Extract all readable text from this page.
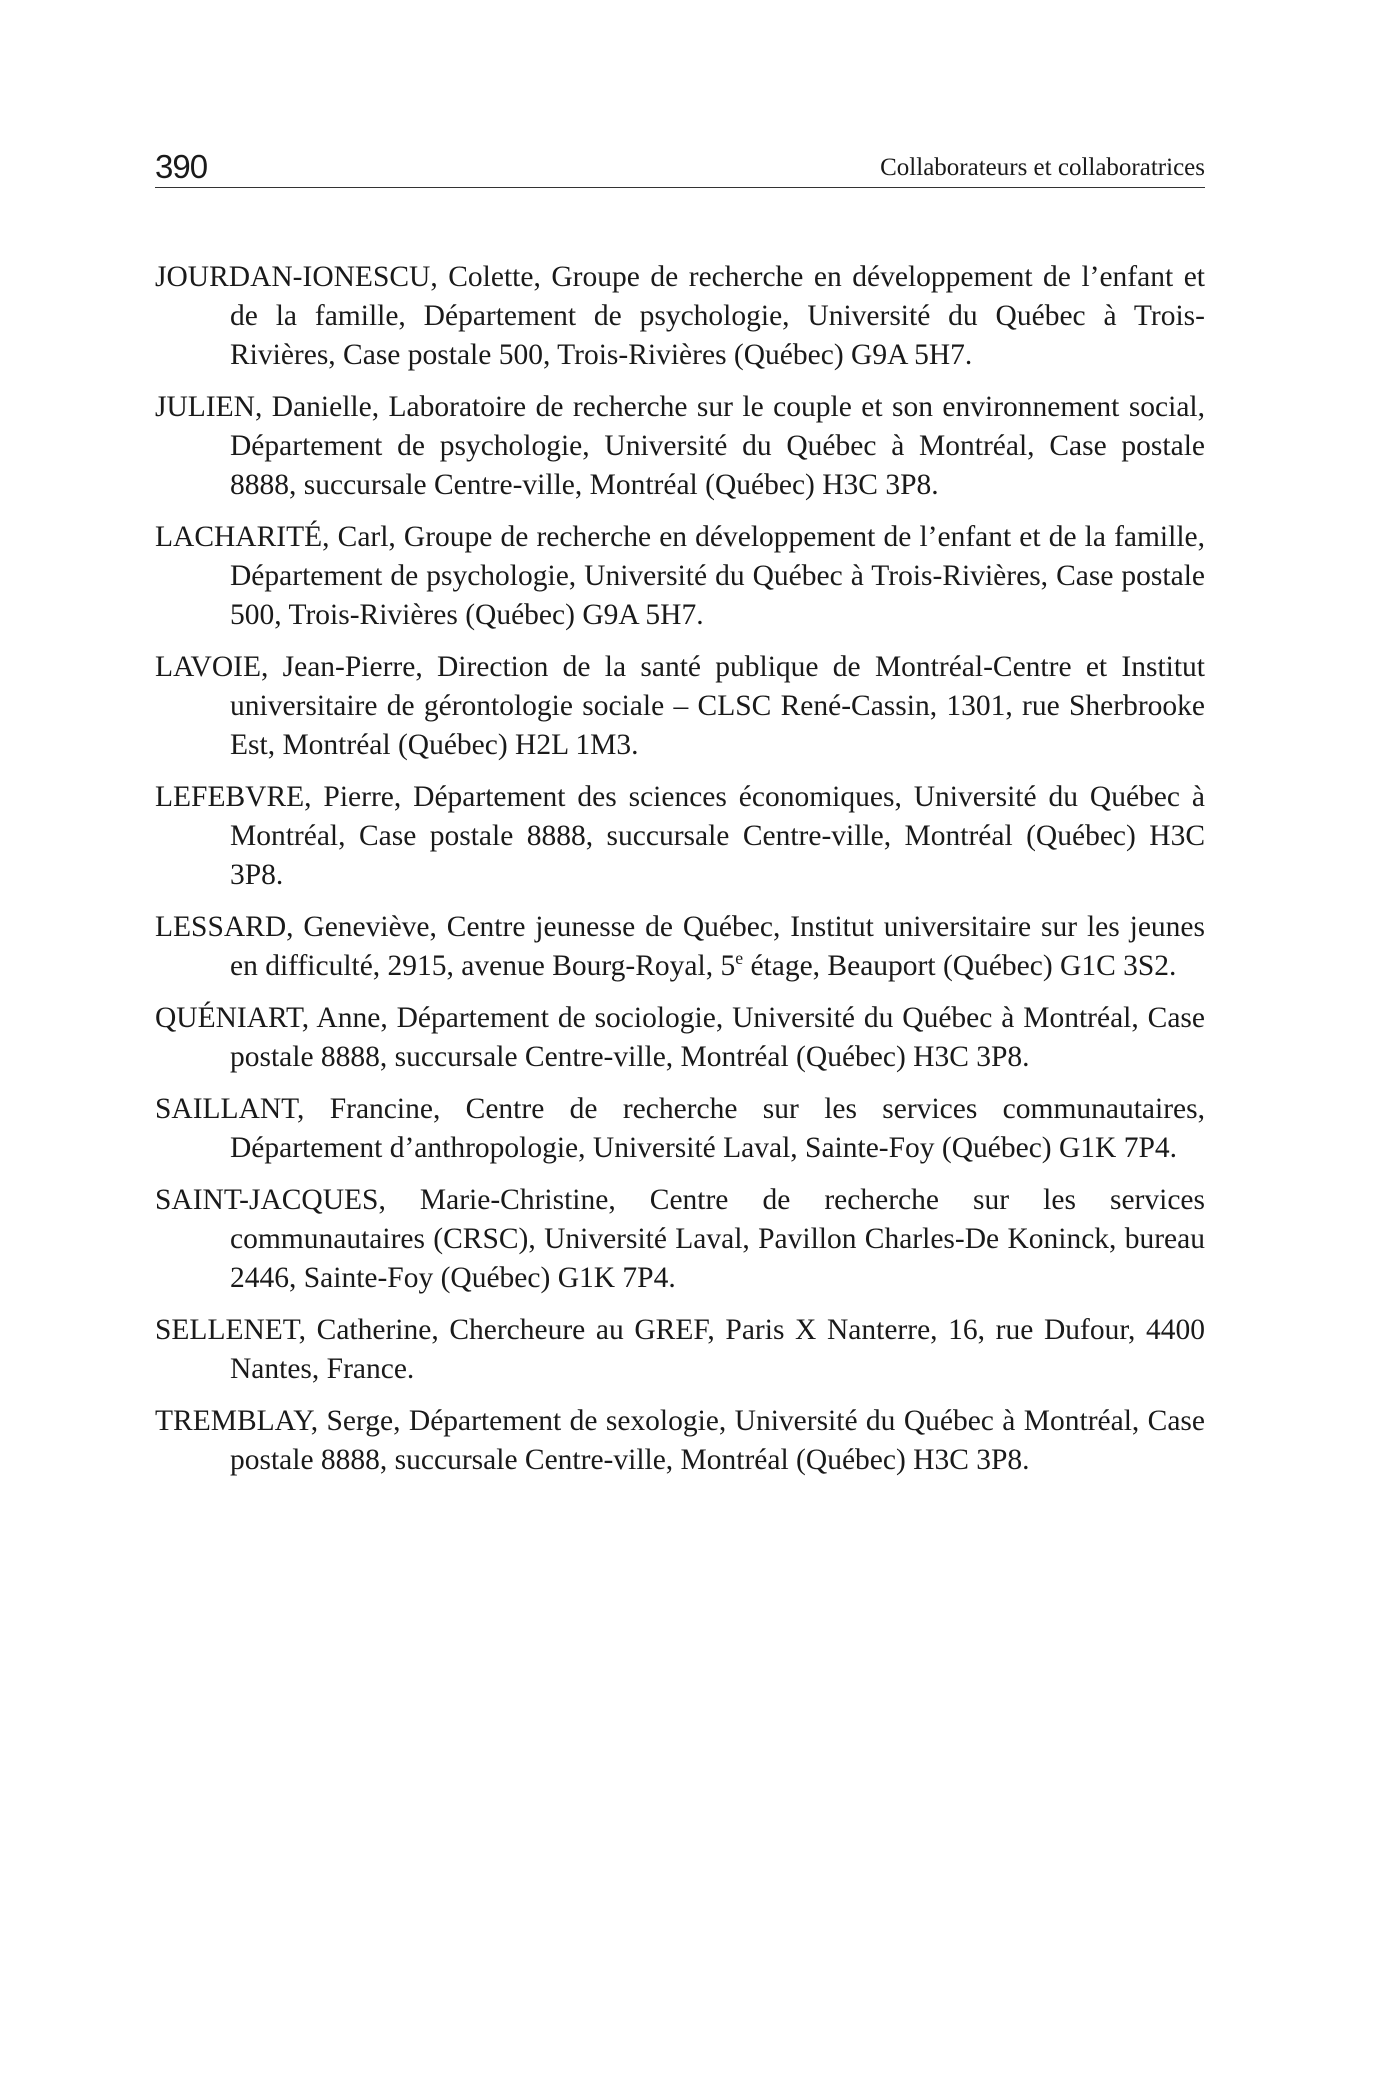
390	Collaborateurs et collaboratrices

JOURDAN-IONESCU, Colette, Groupe de recherche en développement de l’enfant et de la famille, Département de psychologie, Université du Québec à Trois-Rivières, Case postale 500, Trois-Rivières (Québec) G9A 5H7.

JULIEN, Danielle, Laboratoire de recherche sur le couple et son environnement social, Département de psychologie, Université du Québec à Montréal, Case postale 8888, succursale Centre-ville, Montréal (Québec) H3C 3P8.

LACHARITÉ, Carl, Groupe de recherche en développement de l’enfant et de la famille, Département de psychologie, Université du Québec à Trois-Rivières, Case postale 500, Trois-Rivières (Québec) G9A 5H7.

LAVOIE, Jean-Pierre, Direction de la santé publique de Montréal-Centre et Institut universitaire de gérontologie sociale – CLSC René-Cassin, 1301, rue Sherbrooke Est, Montréal (Québec) H2L 1M3.

LEFEBVRE, Pierre, Département des sciences économiques, Université du Québec à Montréal, Case postale 8888, succursale Centre-ville, Montréal (Québec) H3C 3P8.

LESSARD, Geneviève, Centre jeunesse de Québec, Institut universitaire sur les jeunes en difficulté, 2915, avenue Bourg-Royal, 5e étage, Beauport (Québec) G1C 3S2.

QUÉNIART, Anne, Département de sociologie, Université du Québec à Montréal, Case postale 8888, succursale Centre-ville, Montréal (Québec) H3C 3P8.

SAILLANT, Francine, Centre de recherche sur les services communautaires, Département d’anthropologie, Université Laval, Sainte-Foy (Québec) G1K 7P4.

SAINT-JACQUES, Marie-Christine, Centre de recherche sur les services communautaires (CRSC), Université Laval, Pavillon Charles-De Koninck, bureau 2446, Sainte-Foy (Québec) G1K 7P4.

SELLENET, Catherine, Chercheure au GREF, Paris X Nanterre, 16, rue Dufour, 4400 Nantes, France.

TREMBLAY, Serge, Département de sexologie, Université du Québec à Montréal, Case postale 8888, succursale Centre-ville, Montréal (Québec) H3C 3P8.
